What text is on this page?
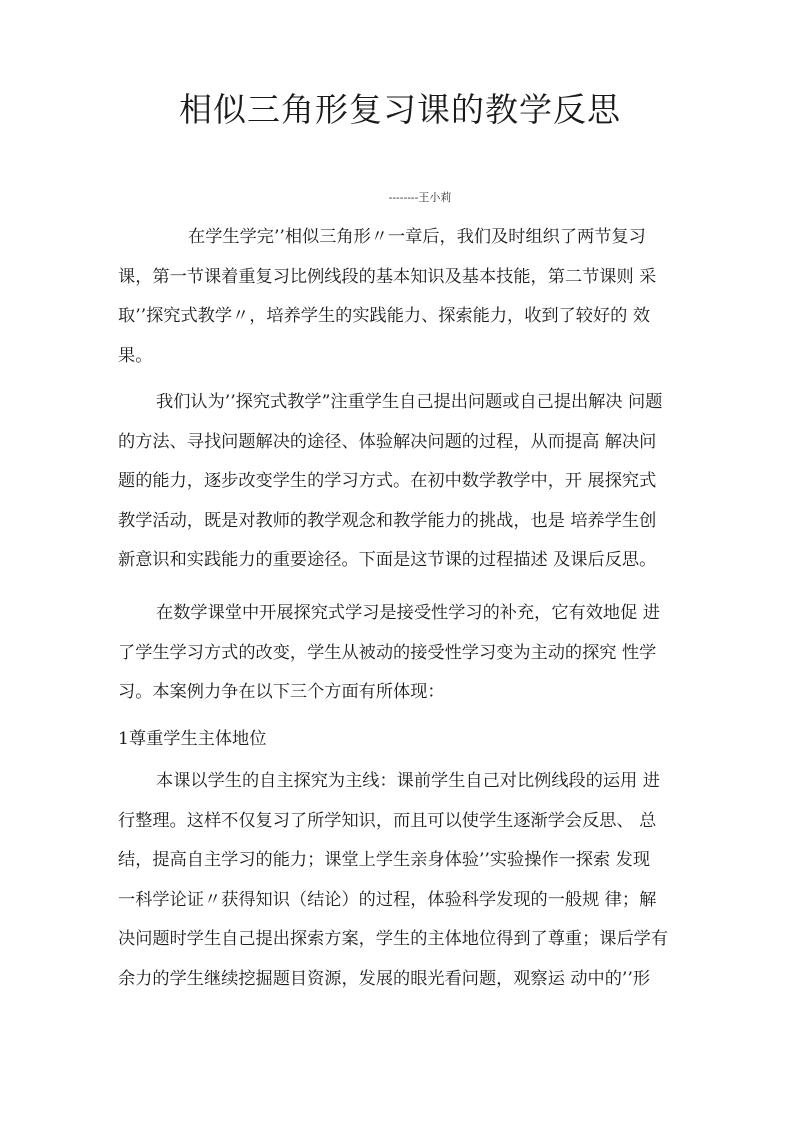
相似三角形复习课的教学反思
--------王小莉
在学生学完’’相似三角形〃一章后，我们及时组织了两节复习
课，第一节课着重复习比例线段的基本知识及基本技能，第二节课则 采
取’’探究式教学〃，培养学生的实践能力、探索能力，收到了较好的 效
果。
我们认为’’探究式教学”注重学生自己提出问题或自己提出解决 问题
的方法、寻找问题解决的途径、体验解决问题的过程，从而提高 解决问
题的能力，逐步改变学生的学习方式。在初中数学教学中，开 展探究式
教学活动，既是对教师的教学观念和教学能力的挑战，也是 培养学生创
新意识和实践能力的重要途径。下面是这节课的过程描述 及课后反思。
在数学课堂中开展探究式学习是接受性学习的补充，它有效地促 进
了学生学习方式的改变，学生从被动的接受性学习变为主动的探究 性学
习。本案例力争在以下三个方面有所体现：
1尊重学生主体地位
本课以学生的自主探究为主线：课前学生自己对比例线段的运用 进
行整理。这样不仅复习了所学知识，而且可以使学生逐渐学会反思、 总
结，提高自主学习的能力；课堂上学生亲身体验’’实验操作一探索 发现
一科学论证〃获得知识（结论）的过程，体验科学发现的一般规 律；解
决问题时学生自己提出探索方案，学生的主体地位得到了尊重；课后学有
余力的学生继续挖掘题目资源，发展的眼光看问题，观察运 动中的’’形
